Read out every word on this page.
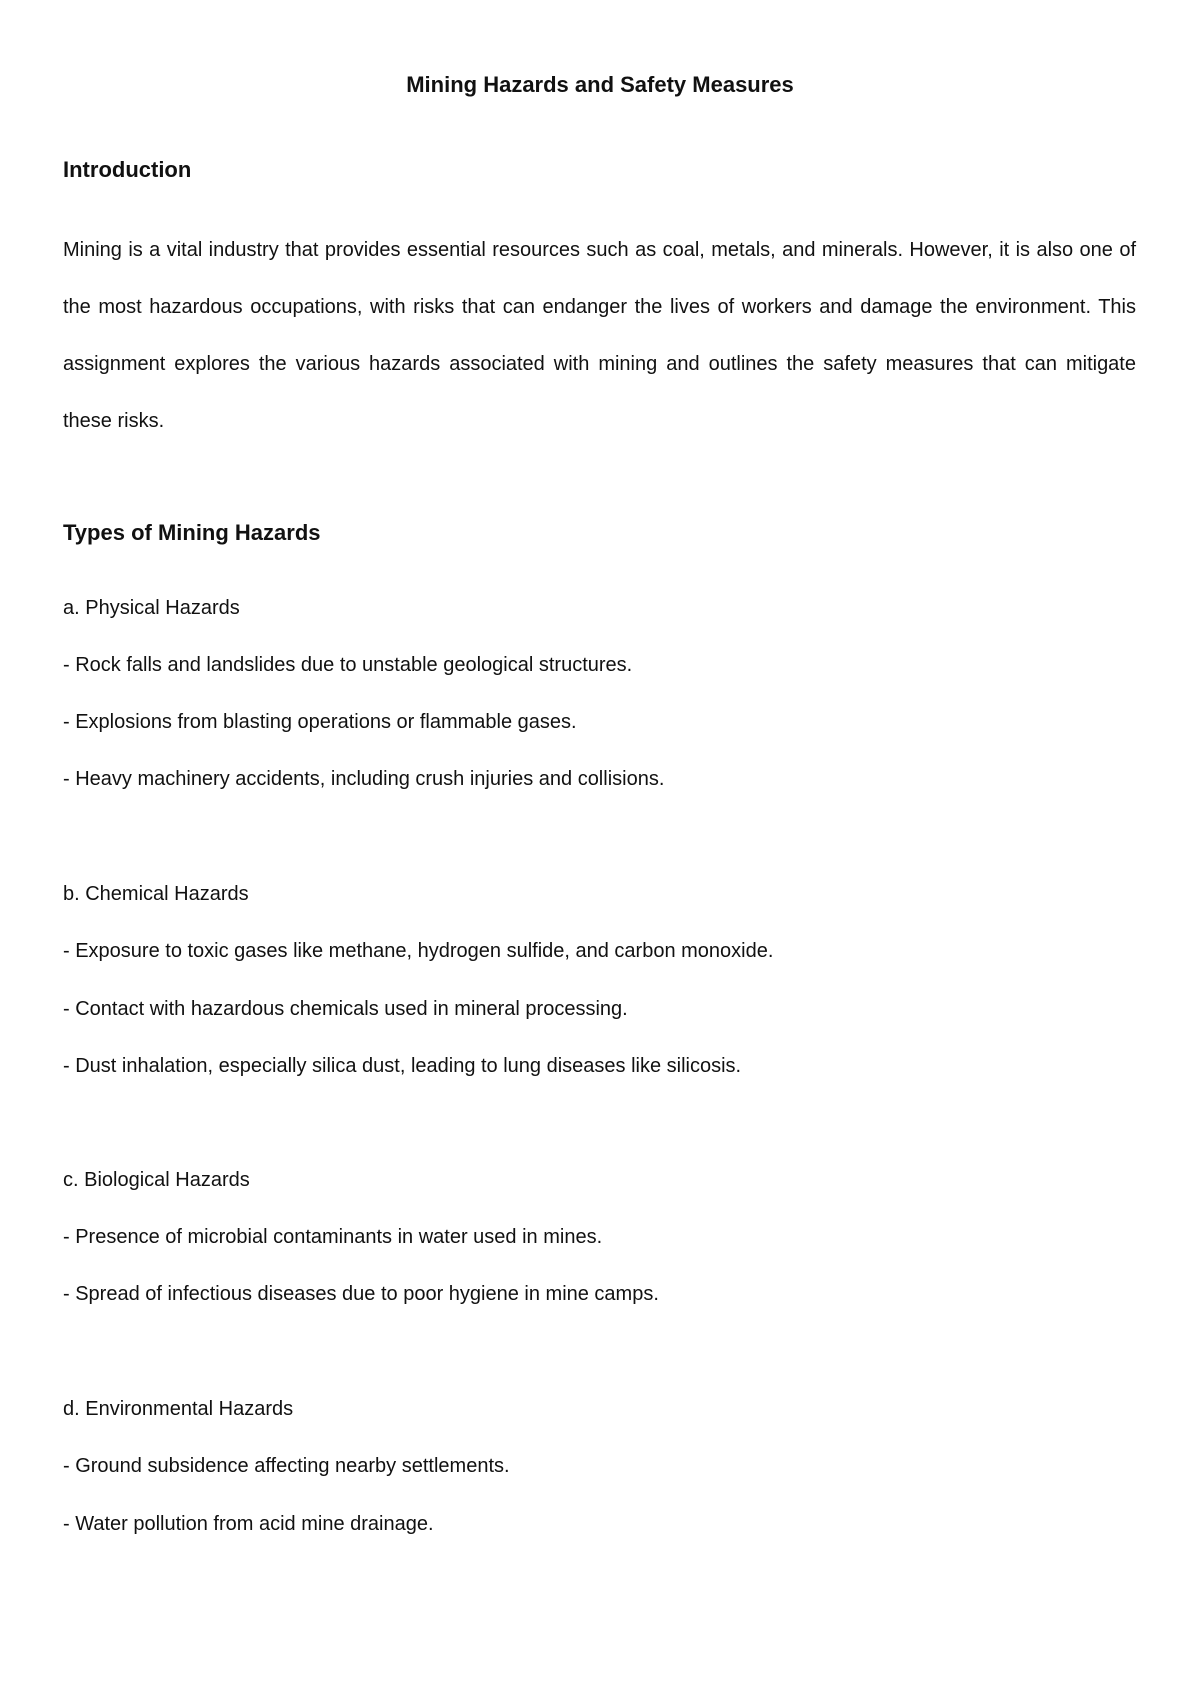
Mining Hazards and Safety Measures
Introduction

Mining is a vital industry that provides essential resources such as coal, metals, and minerals. However, it is also one of the most hazardous occupations, with risks that can endanger the lives of workers and damage the environment. This assignment explores the various hazards associated with mining and outlines the safety measures that can mitigate these risks.

Types of Mining Hazards

a. Physical Hazards

- Rock falls and landslides due to unstable geological structures.

- Explosions from blasting operations or flammable gases.

- Heavy machinery accidents, including crush injuries and collisions.

b. Chemical Hazards

- Exposure to toxic gases like methane, hydrogen sulfide, and carbon monoxide.

- Contact with hazardous chemicals used in mineral processing.

- Dust inhalation, especially silica dust, leading to lung diseases like silicosis.

c. Biological Hazards

- Presence of microbial contaminants in water used in mines.

- Spread of infectious diseases due to poor hygiene in mine camps.

d. Environmental Hazards

- Ground subsidence affecting nearby settlements.

- Water pollution from acid mine drainage.
